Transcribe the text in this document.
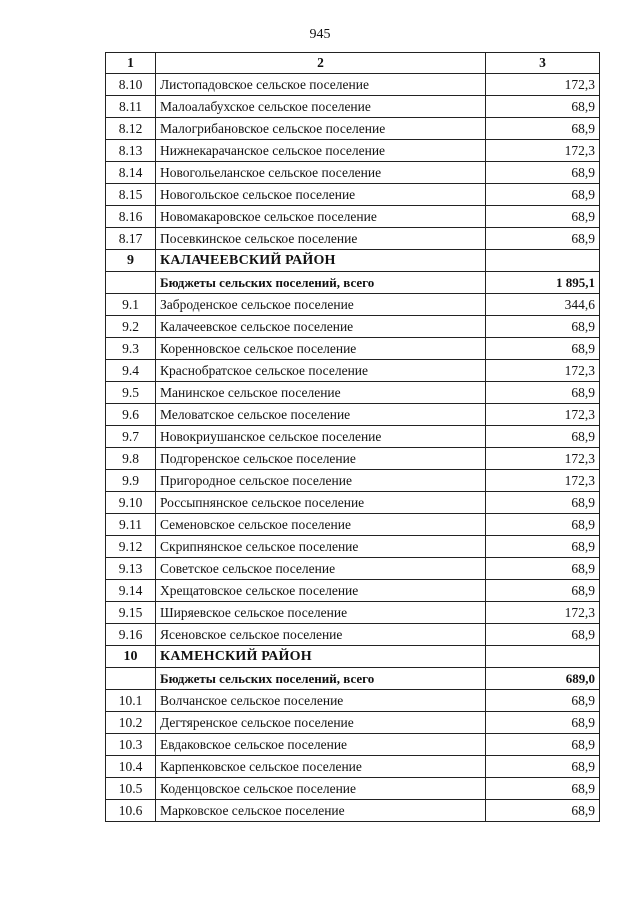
945
1	2	3
8.10	Листопадовское сельское поселение	172,3
8.11	Малоалабухское сельское поселение	68,9
8.12	Малогрибановское сельское поселение	68,9
8.13	Нижнекарачанское сельское поселение	172,3
8.14	Новогольеланское сельское поселение	68,9
8.15	Новогольское сельское поселение	68,9
8.16	Новомакаровское сельское поселение	68,9
8.17	Посевкинское сельское поселение	68,9
9	КАЛАЧЕЕВСКИЙ РАЙОН	
	Бюджеты сельских поселений, всего	1 895,1
9.1	Заброденское сельское поселение	344,6
9.2	Калачеевское сельское поселение	68,9
9.3	Коренновское сельское поселение	68,9
9.4	Краснобратское сельское поселение	172,3
9.5	Манинское сельское поселение	68,9
9.6	Меловатское сельское поселение	172,3
9.7	Новокриушанское сельское поселение	68,9
9.8	Подгоренское сельское поселение	172,3
9.9	Пригородное сельское поселение	172,3
9.10	Россыпнянское сельское поселение	68,9
9.11	Семеновское сельское поселение	68,9
9.12	Скрипнянское сельское поселение	68,9
9.13	Советское сельское поселение	68,9
9.14	Хрещатовское сельское поселение	68,9
9.15	Ширяевское сельское поселение	172,3
9.16	Ясеновское сельское поселение	68,9
10	КАМЕНСКИЙ РАЙОН	
	Бюджеты сельских поселений, всего	689,0
10.1	Волчанское сельское поселение	68,9
10.2	Дегтяренское сельское поселение	68,9
10.3	Евдаковское сельское поселение	68,9
10.4	Карпенковское сельское поселение	68,9
10.5	Коденцовское сельское поселение	68,9
10.6	Марковское сельское поселение	68,9
